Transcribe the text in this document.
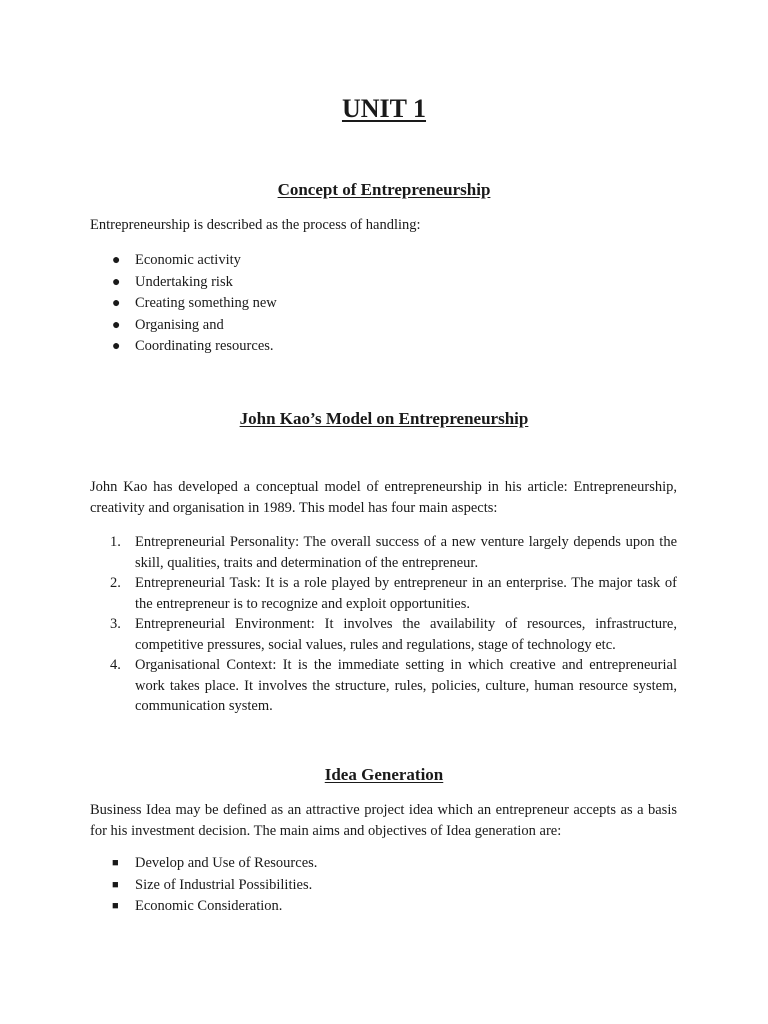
UNIT 1
Concept of Entrepreneurship

Entrepreneurship is described as the process of handling:

●	Economic activity
●	Undertaking risk
●	Creating something new
●	Organising and
●	Coordinating resources.
John Kao’s Model on Entrepreneurship

John Kao has developed a conceptual model of entrepreneurship in his article: Entrepreneurship, creativity and organisation in 1989. This model has four main aspects:

1. Entrepreneurial Personality: The overall success of a new venture largely depends upon the skill, qualities, traits and determination of the entrepreneur.
2. Entrepreneurial Task: It is a role played by entrepreneur in an enterprise. The major task of the entrepreneur is to recognize and exploit opportunities.
3. Entrepreneurial Environment: It involves the availability of resources, infrastructure, competitive pressures, social values, rules and regulations, stage of technology etc.
4. Organisational Context: It is the immediate setting in which creative and entrepreneurial work takes place. It involves the structure, rules, policies, culture, human resource system, communication system.
Idea Generation

Business Idea may be defined as an attractive project idea which an entrepreneur accepts as a basis for his investment decision. The main aims and objectives of Idea generation are:

■	Develop and Use of Resources.
■	Size of Industrial Possibilities.
■	Economic Consideration.
